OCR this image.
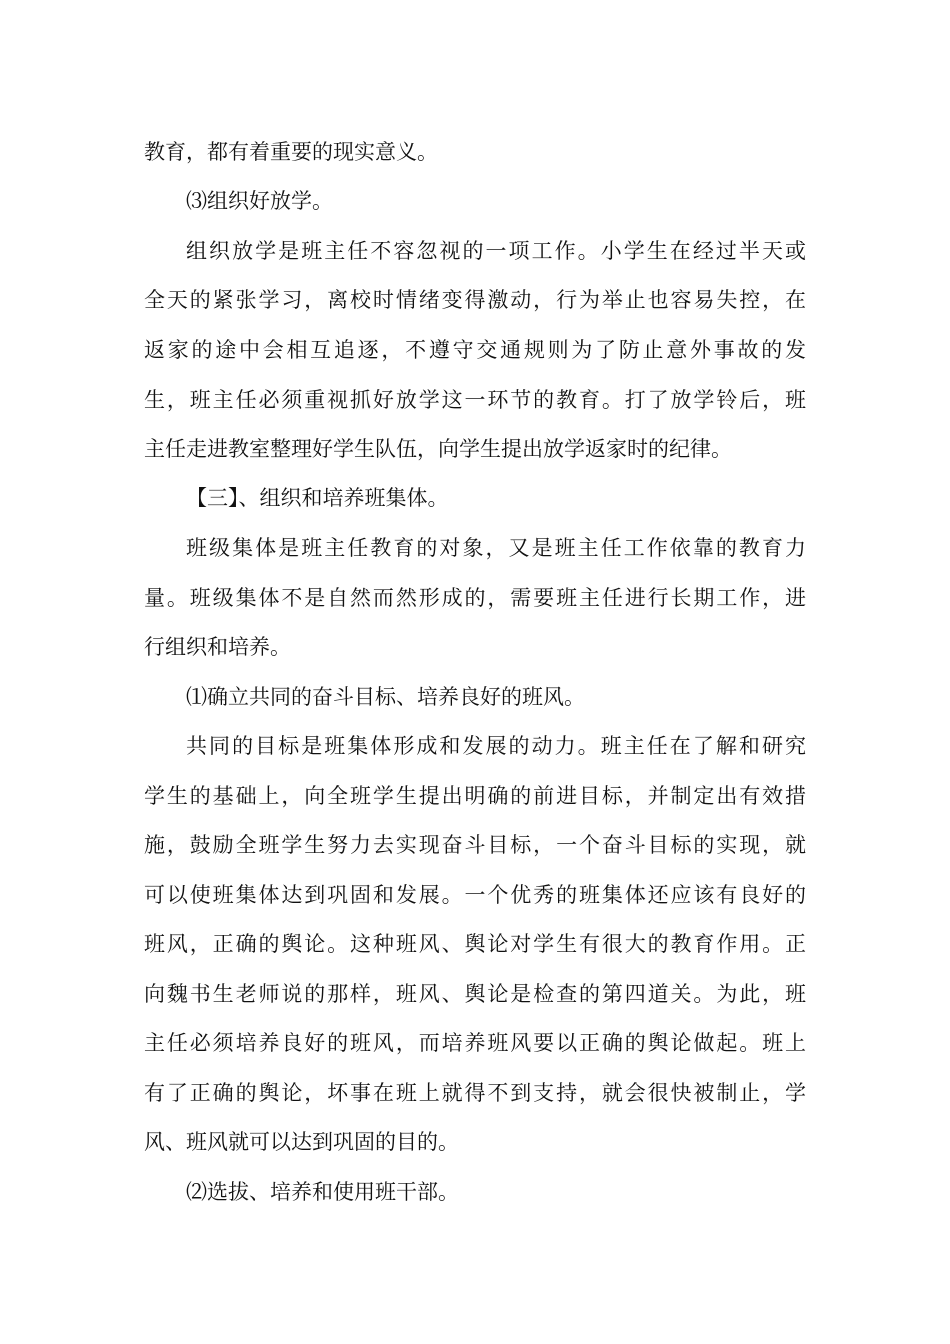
教育，都有着重要的现实意义。
⑶组织好放学。
组织放学是班主任不容忽视的一项工作。小学生在经过半天或
全天的紧张学习，离校时情绪变得激动，行为举止也容易失控，在
返家的途中会相互追逐，不遵守交通规则为了防止意外事故的发
生，班主任必须重视抓好放学这一环节的教育。打了放学铃后，班
主任走进教室整理好学生队伍，向学生提出放学返家时的纪律。
【三】、组织和培养班集体。
班级集体是班主任教育的对象，又是班主任工作依靠的教育力
量。班级集体不是自然而然形成的，需要班主任进行长期工作，进
行组织和培养。
⑴确立共同的奋斗目标、培养良好的班风。
共同的目标是班集体形成和发展的动力。班主任在了解和研究
学生的基础上，向全班学生提出明确的前进目标，并制定出有效措
施，鼓励全班学生努力去实现奋斗目标，一个奋斗目标的实现，就
可以使班集体达到巩固和发展。一个优秀的班集体还应该有良好的
班风，正确的舆论。这种班风、舆论对学生有很大的教育作用。正
向魏书生老师说的那样，班风、舆论是检查的第四道关。为此，班
主任必须培养良好的班风，而培养班风要以正确的舆论做起。班上
有了正确的舆论，坏事在班上就得不到支持，就会很快被制止，学
风、班风就可以达到巩固的目的。
⑵选拔、培养和使用班干部。
